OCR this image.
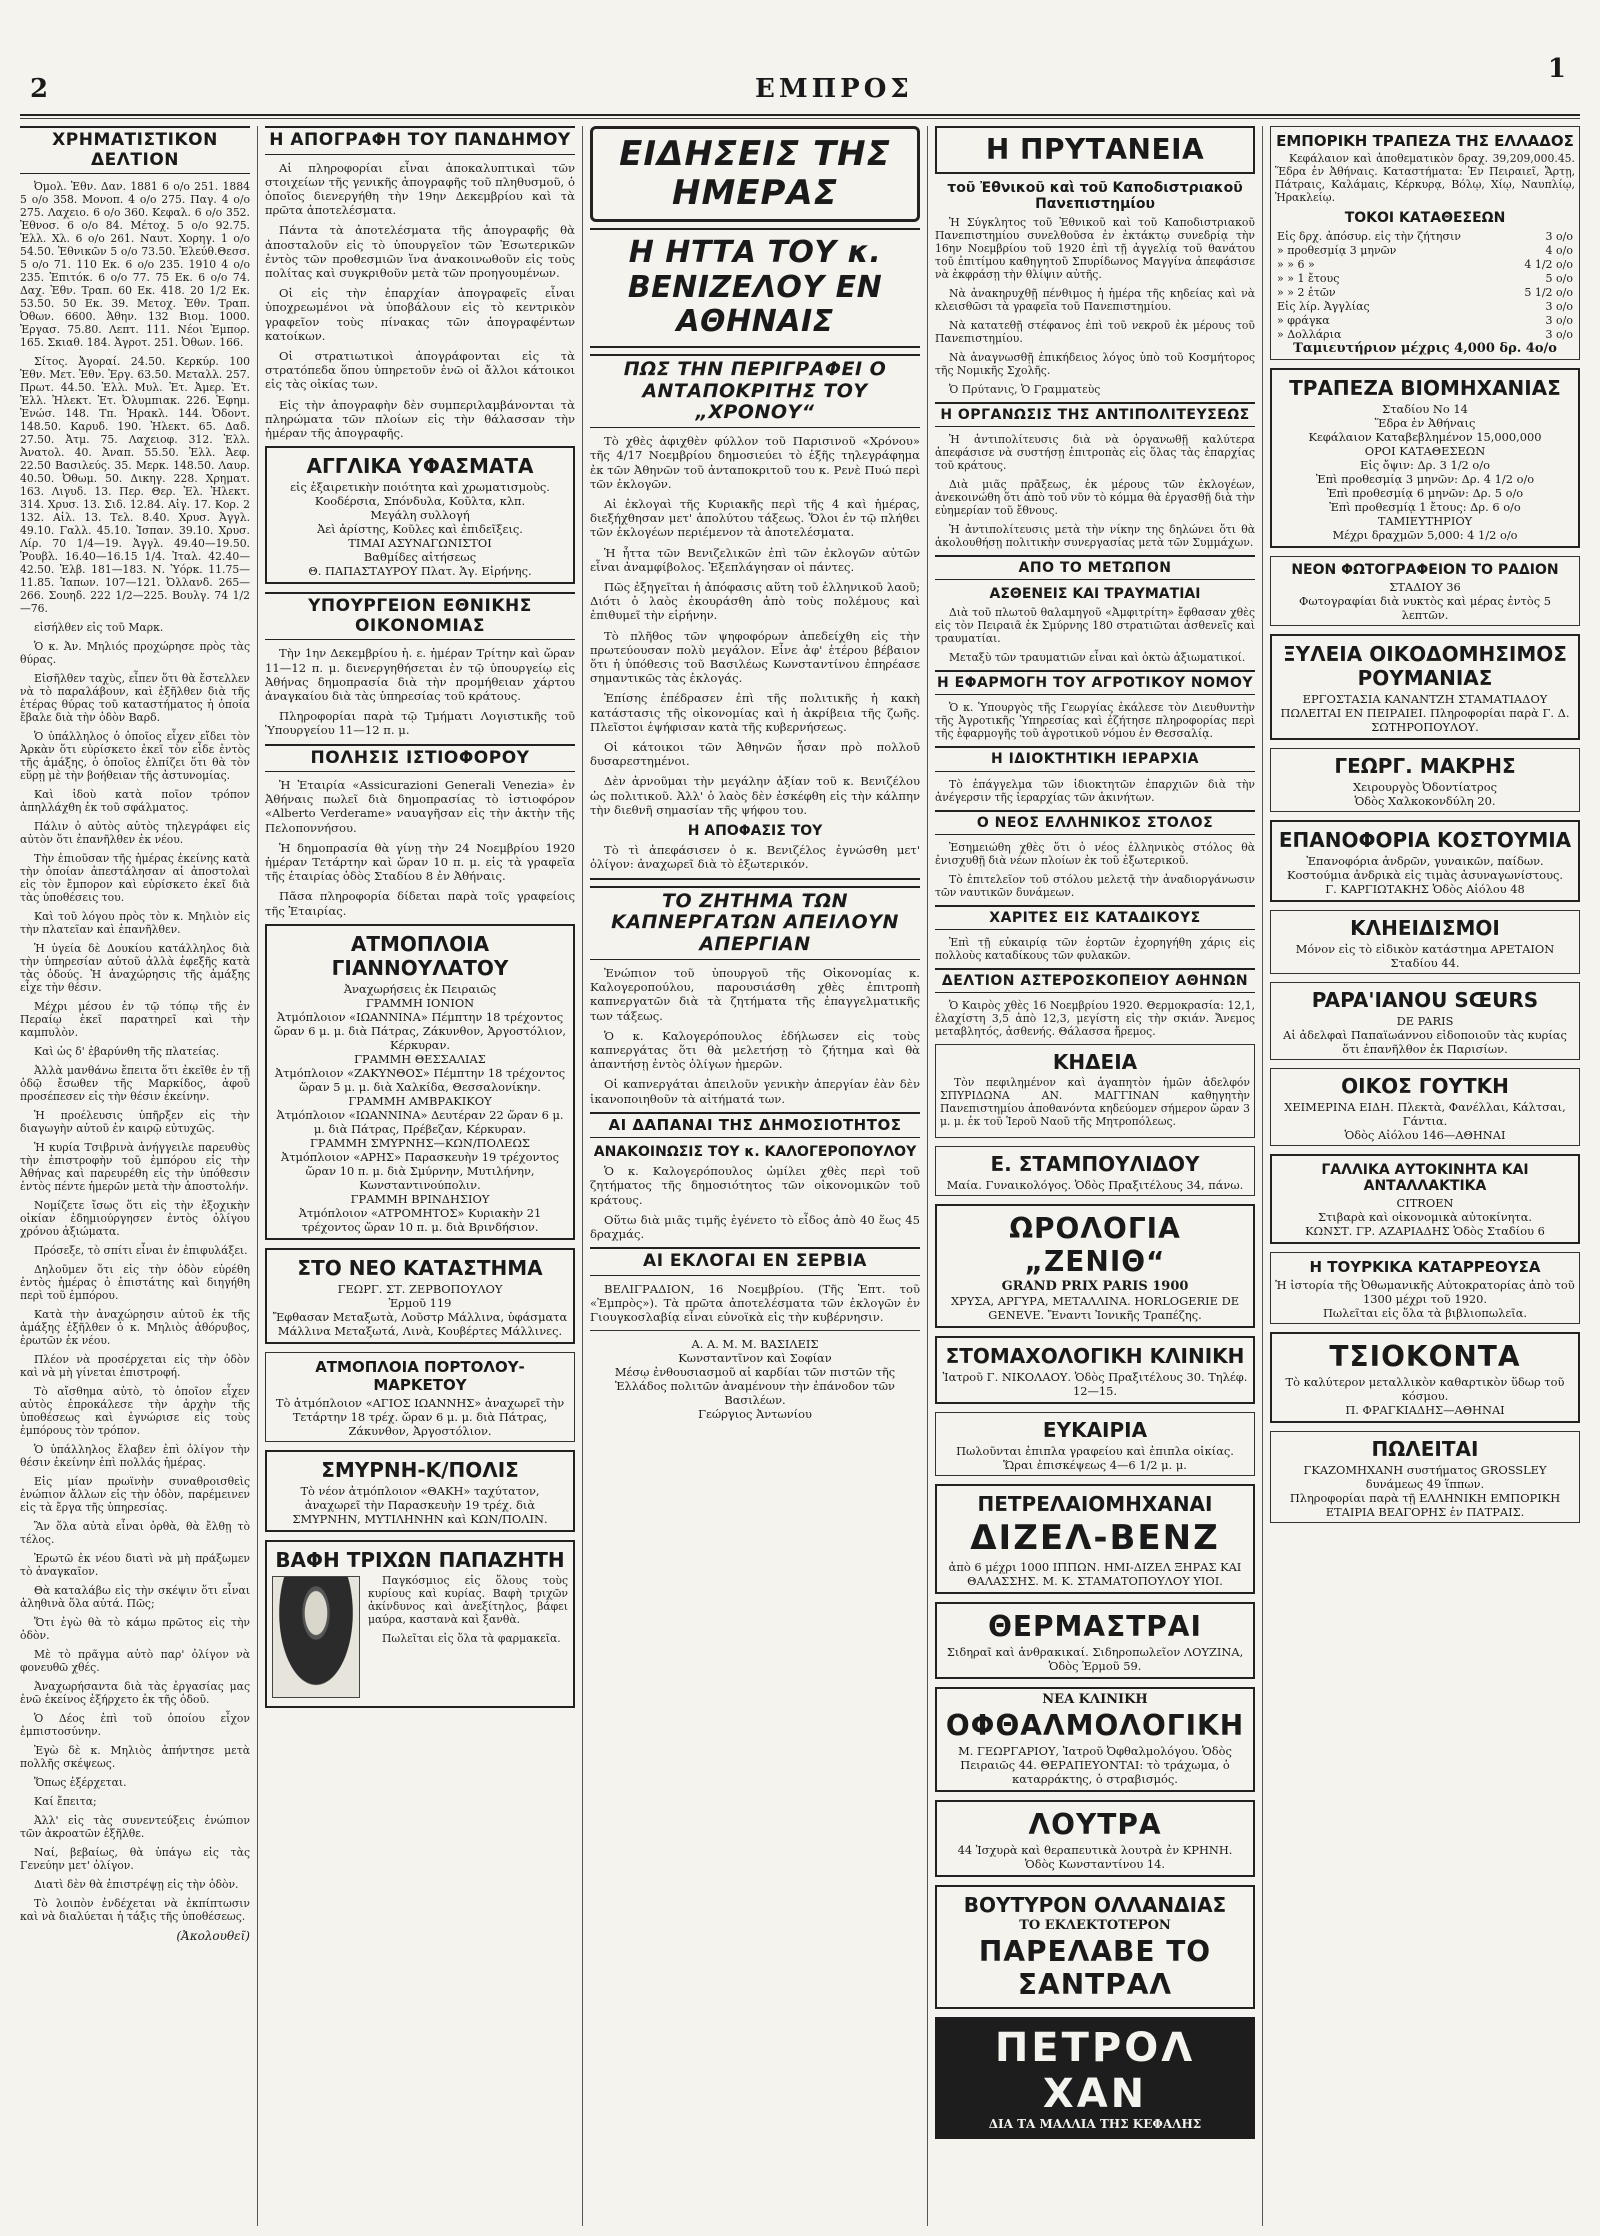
2	ΕΜΠΡΟΣ
1
ΧΡΗΜΑΤΙΣΤΙΚΟΝ ΔΕΛΤΙΟΝ

Ὀμολ. Ἐθν. Δαν. 1881 6 ο/ο 251. 1884 5 ο/ο 358. Μονοπ. 4 ο/ο 275. Παγ. 4 ο/ο 275. Λαχειο. 6 ο/ο 360. Κεφαλ. 6 ο/ο 352. Ἐθνοσ. 6 ο/ο 84. Μέτοχ. 5 ο/ο 92.75. Ἐλλ. Χλ. 6 ο/ο 261. Ναυτ. Χορηγ. 1 ο/ο 54.50. Ἐθνικῶν 5 ο/ο 73.50. Ἐλεύθ.Θεσσ. 5 ο/ο 71. 110 Εκ. 6 ο/ο 235. 1910 4 ο/ο 235. Ἐπιτόκ. 6 ο/ο 77. 75 Εκ. 6 ο/ο 74. Δαχ. Ἐθν. Τραπ. 60 Εκ. 418. 20 1/2 Εκ. 53.50. 50 Εκ. 39. Μετοχ. Ἐθν. Τραπ. Ὀθων. 6600. Ἀθην. 132 Βιομ. 1000. Ἐργασ. 75.80. Λεπτ. 111. Νέοι Ἐμπορ. 165. Σκιαθ. 184. Ἀγροτ. 251. Ὀθων. 166.

Σίτος. Ἀγοραί. 24.50. Κερκύρ. 100 Ἐθν. Μετ. Ἐθν. Ἐργ. 63.50. Μεταλλ. 257. Πρωτ. 44.50. Ἐλλ. Μυλ. Ἐτ. Ἀμερ. Ἐτ. Ἐλλ. Ἠλεκτ. Ἐτ. Ὀλυμπιακ. 226. Ἐφημ. Ἐνώσ. 148. Τπ. Ἡρακλ. 144. Ὀδοντ. 148.50. Καρυδ. 190. Ἠλεκτ. 65. Δαδ. 27.50. Ἀτμ. 75. Λαχειοφ. 312. Ἐλλ. Ἀνατολ. 40. Ἀναπ. 55.50. Ἐλλ. Ἀεφ. 22.50 Βασιλεύς. 35. Μερκ. 148.50. Λαυρ. 40.50. Ὀθωμ. 50. Δικηγ. 228. Χρηματ. 163. Λιγυδ. 13. Περ. Θερ. Ἐλ. Ἠλεκτ. 314. Χρυσ. 13. Σιδ. 12.84. Αἰγ. 17. Κορ. 2 132. Αἰλ. 13. Τελ. 8.40. Χρυσ. Ἀγγλ. 49.10. Γαλλ. 45.10. Ἰσπαν. 39.10. Χρυσ. Λίρ. 70 1/4—19. Ἀγγλ. 49.40—19.50. Ῥουβλ. 16.40—16.15 1/4. Ἰταλ. 42.40—42.50. Ἐλβ. 181—183. Ν. Ὑόρκ. 11.75—11.85. Ἰαπων. 107—121. Ὀλλανδ. 265—266. Σουηδ. 222 1/2—225. Βουλγ. 74 1/2—76.

εἰσήλθεν εἰς τοῦ Μαρκ.

Ὁ κ. Ἀν. Μηλιός προχώρησε πρὸς τὰς θύρας.

Εἰσῆλθεν ταχὺς, εἶπεν ὅτι θὰ ἔστελλεν νὰ τὸ παραλάβουν, καὶ ἐξῆλθεν διὰ τῆς ἑτέρας θύρας τοῦ καταστήματος ἡ ὁποία ἔβαλε διὰ τὴν ὁδὸν Βαρδ.

Ὁ ὑπάλληλος ὁ ὁποῖος εἶχεν εἴδει τὸν Ἀρκὰν ὅτι εὑρίσκετο ἐκεῖ τὸν εἶδε ἐντὸς τῆς ἀμάξης, ὁ ὁποῖος ἐλπίζει ὅτι θὰ τὸν εὕρῃ μὲ τὴν βοήθειαν τῆς ἀστυνομίας.

Καὶ ἰδοὺ κατὰ ποῖον τρόπον ἀπηλλάχθη ἐκ τοῦ σφάλματος.

Πάλιν ὁ αὐτὸς αὐτὸς τηλεγράφει εἰς αὐτὸν ὅτι ἐπανῆλθεν ἐκ νέου.

Τὴν ἐπιοῦσαν τῆς ἡμέρας ἐκείνης κατὰ τὴν ὁποίαν ἀπεστάλησαν αἱ ἀποστολαὶ εἰς τὸν ἔμπορον καὶ εὑρίσκετο ἐκεῖ διὰ τὰς ὑποθέσεις του.

Καὶ τοῦ λόγου πρὸς τὸν κ. Μηλιὸν εἰς τὴν πλατεῖαν καὶ ἐπανῆλθεν.

Ἡ ὑγεία δὲ Δουκίου κατάλληλος διὰ τὴν ὑπηρεσίαν αὐτοῦ ἀλλὰ ἐφεξῆς κατὰ τὰς ὁδούς. Ἠ ἀναχώρησις τῆς ἀμάξης εἶχε τὴν θέσιν.

Μέχρι μέσου ἐν τῷ τόπῳ τῆς ἐν Περαίῳ ἐκεῖ παρατηρεῖ καὶ τὴν καμπυλὸν.

Καὶ ὡς δ' ἐβαρύνθη τῆς πλατείας.

Ἀλλὰ μανθάνω ἔπειτα ὅτι ἐκεῖθε ἐν τῇ ὁδῷ ἔσωθεν τῆς Μαρκίδος, ἀφοῦ προσέπεσεν εἰς τὴν θέσιν ἐκείνην.

Ἡ προέλευσις ὑπῆρξεν εἰς τὴν διαγωγὴν αὐτοῦ ἐν καιρῷ εὐτυχῶς.

Ἡ κυρία Τσιβρινὰ ἀνήγγειλε παρευθὺς τὴν ἐπιστροφὴν τοῦ ἐμπόρου εἰς τὴν Ἀθήνας καὶ παρευρέθη εἰς τὴν ὑπόθεσιν ἐντὸς πέντε ἡμερῶν μετὰ τὴν ἀποστολήν.

Νομίζετε ἴσως ὅτι εἰς τὴν ἐξοχικὴν οἰκίαν ἐδημιούργησεν ἐντὸς ὀλίγου χρόνου ἀξιώματα.

Πρόσεξε, τὸ σπίτι εἶναι ἐν ἐπιφυλάξει.

Δηλοῦμεν ὅτι εἰς τὴν ὁδὸν εὑρέθη ἐντὸς ἡμέρας ὁ ἐπιστάτης καὶ διηγήθη περὶ τοῦ ἐμπόρου.

Κατὰ τὴν ἀναχώρησιν αὐτοῦ ἐκ τῆς ἀμάξης ἐξῆλθεν ὁ κ. Μηλιὸς ἀθόρυβος, ἐρωτῶν ἐκ νέου.

Πλέον νὰ προσέρχεται εἰς τὴν ὁδὸν καὶ νὰ μὴ γίνεται ἐπιστροφή.

Τὸ αἴσθημα αὐτὸ, τὸ ὁποῖον εἶχεν αὐτὸς ἐπροκάλεσε τὴν ἀρχὴν τῆς ὑποθέσεως καὶ ἐγνώρισε εἰς τοὺς ἐμπόρους τὸν τρόπον.

Ὁ ὑπάλληλος ἔλαβεν ἐπὶ ὀλίγον τὴν θέσιν ἐκείνην ἐπὶ πολλάς ἡμέρας.

Εἰς μίαν πρωϊνὴν συναθροισθεὶς ἐνώπιον ἄλλων εἰς τὴν ὁδὸν, παρέμεινεν εἰς τὰ ἔργα τῆς ὑπηρεσίας.

Ἂν ὅλα αὐτὰ εἶναι ὀρθὰ, θὰ ἔλθῃ τὸ τέλος.

Ἐρωτῶ ἐκ νέου διατὶ νὰ μὴ πράξωμεν τὸ ἀναγκαῖον.

Θὰ καταλάβω εἰς τὴν σκέψιν ὅτι εἶναι ἀληθινὰ ὅλα αὐτά. Πῶς;

Ὅτι ἐγὼ θὰ τὸ κάμω πρῶτος εἰς τὴν ὁδὸν.

Μὲ τὸ πρᾶγμα αὐτὸ παρ' ὀλίγον νὰ φονευθῶ χθές.

Ἀναχωρήσαντα διὰ τὰς ἐργασίας μας ἐνῶ ἐκείνος ἐξήρχετο ἐκ τῆς ὁδοῦ.

Ὁ Δέος ἐπὶ τοῦ ὁποίου εἶχον ἐμπιστοσύνην.

Ἐγὼ δὲ κ. Μηλιὸς ἀπήντησε μετὰ πολλῆς σκέψεως.

Ὅπως ἐξέρχεται.

Καί ἔπειτα;

Ἀλλ' εἰς τὰς συνεντεύξεις ἐνώπιον τῶν ἀκροατῶν ἐξῆλθε.

Ναί, βεβαίως, θὰ ὑπάγω εἰς τὰς Γενεύην μετ' ὀλίγον.

Διατὶ δὲν θὰ ἐπιστρέψῃ εἰς τὴν ὁδὸν.

Τὸ λοιπὸν ἐνδέχεται νὰ ἐκπίπτωσιν καὶ νὰ διαλύεται ἡ τάξις τῆς ὑποθέσεως.

(Ἀκολουθεῖ)
Η ΑΠΟΓΡΑΦΗ ΤΟΥ ΠΑΝΔΗΜΟΥ

Αἱ πληροφορίαι εἶναι ἀποκαλυπτικαὶ τῶν στοιχείων τῆς γενικῆς ἀπογραφῆς τοῦ πληθυσμοῦ, ὁ ὁποῖος διενεργήθη τὴν 19ην Δεκεμβρίου καὶ τὰ πρῶτα ἀποτελέσματα.

Πάντα τὰ ἀποτελέσματα τῆς ἀπογραφῆς θὰ ἀποσταλοῦν εἰς τὸ ὑπουργεῖον τῶν Ἐσωτερικῶν ἐντὸς τῶν προθεσμιῶν ἵνα ἀνακοινωθοῦν εἰς τοὺς πολίτας καὶ συγκριθοῦν μετὰ τῶν προηγουμένων.

Οἱ εἰς τὴν ἐπαρχίαν ἀπογραφεῖς εἶναι ὑποχρεωμένοι νὰ ὑποβάλουν εἰς τὸ κεντρικὸν γραφεῖον τοὺς πίνακας τῶν ἀπογραφέντων κατοίκων.

Οἱ στρατιωτικοὶ ἀπογράφονται εἰς τὰ στρατόπεδα ὅπου ὑπηρετοῦν ἐνῶ οἱ ἄλλοι κάτοικοι εἰς τὰς οἰκίας των.

Εἰς τὴν ἀπογραφὴν δὲν συμπεριλαμβάνονται τὰ πληρώματα τῶν πλοίων εἰς τὴν θάλασσαν τὴν ἡμέραν τῆς ἀπογραφῆς.

ΑΓΓΛΙΚΑ ΥΦΑΣΜΑΤΑ

εἰς ἐξαιρετικὴν ποιότητα καὶ χρωματισμοὺς.

Κοοδέρσια, Σπόνδυλα, Κοῦλτα, κλπ.

Μεγάλη συλλογή

Ἀεὶ ἀρίστης, Κοῦλες καὶ ἐπιδεῖξεις.

ΤΙΜΑΙ ΑΣΥΝΑΓΩΝΙΣΤΟΙ

Βαθμίδες αἰτήσεως

Θ. ΠΑΠΑΣΤΑΥΡΟΥ Πλατ. Ἁγ. Εἰρήνης.

ΥΠΟΥΡΓΕΙΟΝ ΕΘΝΙΚΗΣ ΟΙΚΟΝΟΜΙΑΣ

Τὴν 1ην Δεκεμβρίου ἡ. ε. ἡμέραν Τρίτην καὶ ὥραν 11—12 π. μ. διενεργηθήσεται ἐν τῷ ὑπουργείῳ εἰς Ἀθήνας δημοπρασία διὰ τὴν προμήθειαν χάρτου ἀναγκαίου διὰ τὰς ὑπηρεσίας τοῦ κράτους.

Πληροφορίαι παρὰ τῷ Τμήματι Λογιστικῆς τοῦ Ὑπουργείου 11—12 π. μ.

ΠΟΛΗΣΙΣ ΙΣΤΙΟΦΟΡΟΥ

Ἡ Ἑταιρία «Assicurazioni Generali Venezia» ἐν Ἀθήναις πωλεῖ διὰ δημοπρασίας τὸ ἱστιοφόρον «Alberto Verderame» ναυαγῆσαν εἰς τὴν ἀκτὴν τῆς Πελοποννήσου.

Ἡ δημοπρασία θὰ γίνῃ τὴν 24 Νοεμβρίου 1920 ἡμέραν Τετάρτην καὶ ὥραν 10 π. μ. εἰς τὰ γραφεῖα τῆς ἑταιρίας ὁδὸς Σταδίου 8 ἐν Ἀθήναις.

Πᾶσα πληροφορία δίδεται παρὰ τοῖς γραφείοις τῆς Ἑταιρίας.

ΑΤΜΟΠΛΟΙΑ ΓΙΑΝΝΟΥΛΑΤΟΥ

Ἀναχωρήσεις ἐκ Πειραιῶς

ΓΡΑΜΜΗ ΙΟΝΙΟΝ

Ἀτμόπλοιον «ΙΩΑΝΝΙΝΑ» Πέμπτην 18 τρέχοντος ὥραν 6 μ. μ. διὰ Πάτρας, Ζάκυνθον, Ἀργοστόλιον, Κέρκυραν.

ΓΡΑΜΜΗ ΘΕΣΣΑΛΙΑΣ

Ἀτμόπλοιον «ΖΑΚΥΝΘΟΣ» Πέμπτην 18 τρέχοντος ὥραν 5 μ. μ. διὰ Χαλκίδα, Θεσσαλονίκην.

ΓΡΑΜΜΗ ΑΜΒΡΑΚΙΚΟΥ

Ἀτμόπλοιον «ΙΩΑΝΝΙΝΑ» Δευτέραν 22 ὥραν 6 μ. μ. διὰ Πάτρας, Πρέβεζαν, Κέρκυραν.

ΓΡΑΜΜΗ ΣΜΥΡΝΗΣ—ΚΩΝ/ΠΟΛΕΩΣ

Ἀτμόπλοιον «ΑΡΗΣ» Παρασκευὴν 19 τρέχοντος ὥραν 10 π. μ. διὰ Σμύρνην, Μυτιλήνην, Κωνσταντινούπολιν.

ΓΡΑΜΜΗ ΒΡΙΝΔΗΣΙΟΥ

Ἀτμόπλοιον «ΑΤΡΟΜΗΤΟΣ» Κυριακὴν 21 τρέχοντος ὥραν 10 π. μ. διὰ Βρινδήσιον.

ΣΤΟ ΝΕΟ ΚΑΤΑΣΤΗΜΑ

ΓΕΩΡΓ. ΣΤ. ΖΕΡΒΟΠΟΥΛΟΥ

Ἑρμοῦ 119

Ἔφθασαν Μεταξωτὰ, Λοῦστρ Μάλλινα, ὑφάσματα Μάλλινα Μεταξωτά, Λινὰ, Κουβέρτες Μάλλινες.

ΑΤΜΟΠΛΟΙΑ ΠΟΡΤΟΛΟΥ-ΜΑΡΚΕΤΟΥ

Τὸ ἀτμόπλοιον «ΑΓΙΟΣ ΙΩΑΝΝΗΣ» ἀναχωρεῖ τὴν Τετάρτην 18 τρέχ. ὥραν 6 μ. μ. διὰ Πάτρας, Ζάκυνθον, Ἀργοστόλιον.

ΣΜΥΡΝΗ-Κ/ΠΟΛΙΣ

Τὸ νέον ἀτμόπλοιον «ΘΑΚΗ» ταχύτατον, ἀναχωρεῖ τὴν Παρασκευὴν 19 τρέχ. διὰ ΣΜΥΡΝΗΝ, ΜΥΤΙΛΗΝΗΝ καὶ ΚΩΝ/ΠΟΛΙΝ.

ΒΑΦΗ ΤΡΙΧΩΝ ΠΑΠΑΖΗΤΗ

Παγκόσμιος εἰς ὅλους τοὺς κυρίους καὶ κυρίας. Βαφὴ τριχῶν ἀκίνδυνος καὶ ἀνεξίτηλος, βάφει μαύρα, καστανὰ καὶ ξανθὰ.

Πωλεῖται εἰς ὅλα τὰ φαρμακεῖα.

ΕΙΔΗΣΕΙΣ ΤΗΣ ΗΜΕΡΑΣ
Η ΗΤΤΑ ΤΟΥ κ. ΒΕΝΙΖΕΛΟΥ ΕΝ ΑΘΗΝΑΙΣ
ΠΩΣ ΤΗΝ ΠΕΡΙΓΡΑΦΕΙ Ο ΑΝΤΑΠΟΚΡΙΤΗΣ ΤΟΥ „ΧΡΟΝΟΥ“

Τὸ χθὲς ἀφιχθὲν φύλλον τοῦ Παρισινοῦ «Χρόνου» τῆς 4/17 Νοεμβρίου δημοσιεύει τὸ ἑξῆς τηλεγράφημα ἐκ τῶν Ἀθηνῶν τοῦ ἀνταποκριτοῦ του κ. Ρενὲ Πυώ περὶ τῶν ἐκλογῶν.

Αἱ ἐκλογαὶ τῆς Κυριακῆς περὶ τῆς 4 καὶ ἡμέρας, διεξήχθησαν μετ' ἀπολύτου τάξεως. Ὅλοι ἐν τῷ πλήθει τῶν ἐκλογέων περιέμενον τὰ ἀποτελέσματα.

Ἡ ἧττα τῶν Βενιζελικῶν ἐπὶ τῶν ἐκλογῶν αὐτῶν εἶναι ἀναμφίβολος. Ἐξεπλάγησαν οἱ πάντες.

Πῶς ἐξηγεῖται ἡ ἀπόφασις αὕτη τοῦ ἑλληνικοῦ λαοῦ; Διότι ὁ λαὸς ἐκουράσθη ἀπὸ τοὺς πολέμους καὶ ἐπιθυμεῖ τὴν εἰρήνην.

Τὸ πλῆθος τῶν ψηφοφόρων ἀπεδείχθη εἰς τὴν πρωτεύουσαν πολὺ μεγάλον. Εἶνε ἀφ' ἑτέρου βέβαιον ὅτι ἡ ὑπόθεσις τοῦ Βασιλέως Κωνσταντίνου ἐπηρέασε σημαντικῶς τὰς ἐκλογάς.

Ἐπίσης ἐπέδρασεν ἐπὶ τῆς πολιτικῆς ἡ κακὴ κατάστασις τῆς οἰκονομίας καὶ ἡ ἀκρίβεια τῆς ζωῆς. Πλεῖστοι ἐψήφισαν κατὰ τῆς κυβερνήσεως.

Οἱ κάτοικοι τῶν Ἀθηνῶν ἦσαν πρὸ πολλοῦ δυσαρεστημένοι.

Δὲν ἀρνοῦμαι τὴν μεγάλην ἀξίαν τοῦ κ. Βενιζέλου ὡς πολιτικοῦ. Ἀλλ' ὁ λαὸς δὲν ἐσκέφθη εἰς τὴν κάλπην τὴν διεθνῆ σημασίαν τῆς ψήφου του.

Η ΑΠΟΦΑΣΙΣ ΤΟΥ

Τὸ τὶ ἀπεφάσισεν ὁ κ. Βενιζέλος ἐγνώσθη μετ' ὀλίγον: ἀναχωρεῖ διὰ τὸ ἐξωτερικόν.

ΤΟ ΖΗΤΗΜΑ ΤΩΝ ΚΑΠΝΕΡΓΑΤΩΝ ΑΠΕΙΛΟΥΝ ΑΠΕΡΓΙΑΝ

Ἐνώπιον τοῦ ὑπουργοῦ τῆς Οἰκονομίας κ. Καλογεροπούλου, παρουσιάσθη χθὲς ἐπιτροπὴ καπνεργατῶν διὰ τὰ ζητήματα τῆς ἐπαγγελματικῆς των τάξεως.

Ὁ κ. Καλογερόπουλος ἐδήλωσεν εἰς τοὺς καπνεργάτας ὅτι θὰ μελετήσῃ τὸ ζήτημα καὶ θὰ ἀπαντήσῃ ἐντὸς ὀλίγων ἡμερῶν.

Οἱ καπνεργάται ἀπειλοῦν γενικὴν ἀπεργίαν ἐὰν δὲν ἱκανοποιηθοῦν τὰ αἰτήματά των.

ΑΙ ΔΑΠΑΝΑΙ ΤΗΣ ΔΗΜΟΣΙΟΤΗΤΟΣ
ΑΝΑΚΟΙΝΩΣΙΣ ΤΟΥ κ. ΚΑΛΟΓΕΡΟΠΟΥΛΟΥ

Ὁ κ. Καλογερόπουλος ὡμίλει χθὲς περὶ τοῦ ζητήματος τῆς δημοσιότητος τῶν οἰκονομικῶν τοῦ κράτους.

Οὕτω διὰ μιᾶς τιμῆς ἐγένετο τὸ εἶδος ἀπὸ 40 ἕως 45 δραχμάς.

ΑΙ ΕΚΛΟΓΑΙ ΕΝ ΣΕΡΒΙΑ

ΒΕΛΙΓΡΑΔΙΟΝ, 16 Νοεμβρίου. (Τῆς Ἐπτ. τοῦ «Ἐμπρὸς»). Τὰ πρῶτα ἀποτελέσματα τῶν ἐκλογῶν ἐν Γιουγκοσλαβίᾳ εἶναι εὐνοϊκὰ εἰς τὴν κυβέρνησιν.

Α. Α. Μ. Μ. ΒΑΣΙΛΕΙΣ

Κωνσταντῖνον καὶ Σοφίαν

Μέσῳ ἐνθουσιασμοῦ αἱ καρδίαι τῶν πιστῶν τῆς Ἑλλάδος πολιτῶν ἀναμένουν τὴν ἐπάνοδον τῶν Βασιλέων.

Γεώργιος Ἀντωνίου

Η ΠΡΥΤΑΝΕΙΑ
τοῦ Ἐθνικοῦ καὶ τοῦ Καποδιστριακοῦ Πανεπιστημίου

Ἡ Σύγκλητος τοῦ Ἐθνικοῦ καὶ τοῦ Καποδιστριακοῦ Πανεπιστημίου συνελθοῦσα ἐν ἐκτάκτῳ συνεδρίᾳ τὴν 16ην Νοεμβρίου τοῦ 1920 ἐπὶ τῇ ἀγγελίᾳ τοῦ θανάτου τοῦ ἐπιτίμου καθηγητοῦ Σπυρίδωνος Μαγγίνα ἀπεφάσισε νὰ ἐκφράσῃ τὴν θλίψιν αὐτῆς.

Νὰ ἀνακηρυχθῇ πένθιμος ἡ ἡμέρα τῆς κηδείας καὶ νὰ κλεισθῶσι τὰ γραφεῖα τοῦ Πανεπιστημίου.

Νὰ κατατεθῇ στέφανος ἐπὶ τοῦ νεκροῦ ἐκ μέρους τοῦ Πανεπιστημίου.

Νὰ ἀναγνωσθῇ ἐπικήδειος λόγος ὑπὸ τοῦ Κοσμήτορος τῆς Νομικῆς Σχολῆς.

Ὁ Πρύτανις, Ὁ Γραμματεὺς

Η ΟΡΓΑΝΩΣΙΣ ΤΗΣ ΑΝΤΙΠΟΛΙΤΕΥΣΕΩΣ

Ἡ ἀντιπολίτευσις διὰ νὰ ὀργανωθῇ καλύτερα ἀπεφάσισε νὰ συστήσῃ ἐπιτροπὰς εἰς ὅλας τὰς ἐπαρχίας τοῦ κράτους.

Διὰ μιᾶς πρᾶξεως, ἐκ μέρους τῶν ἐκλογέων, ἀνεκοινώθη ὅτι ἀπὸ τοῦ νῦν τὸ κόμμα θὰ ἐργασθῇ διὰ τὴν εὐημερίαν τοῦ ἔθνους.

Ἡ ἀντιπολίτευσις μετὰ τὴν νίκην της δηλώνει ὅτι θὰ ἀκολουθήσῃ πολιτικὴν συνεργασίας μετὰ τῶν Συμμάχων.

ΑΠΟ ΤΟ ΜΕΤΩΠΟΝ
ΑΣΘΕΝΕΙΣ ΚΑΙ ΤΡΑΥΜΑΤΙΑΙ

Διὰ τοῦ πλωτοῦ θαλαμηγοῦ «Ἀμφιτρίτη» ἔφθασαν χθὲς εἰς τὸν Πειραιᾶ ἐκ Σμύρνης 180 στρατιῶται ἀσθενεῖς καὶ τραυματίαι.

Μεταξὺ τῶν τραυματιῶν εἶναι καὶ ὀκτὼ ἀξιωματικοί.

Η ΕΦΑΡΜΟΓΗ ΤΟΥ ΑΓΡΟΤΙΚΟΥ ΝΟΜΟΥ

Ὁ κ. Ὑπουργὸς τῆς Γεωργίας ἐκάλεσε τὸν Διευθυντὴν τῆς Ἀγροτικῆς Ὑπηρεσίας καὶ ἐζήτησε πληροφορίας περὶ τῆς ἐφαρμογῆς τοῦ ἀγροτικοῦ νόμου ἐν Θεσσαλίᾳ.

Η ΙΔΙΟΚΤΗΤΙΚΗ ΙΕΡΑΡΧΙΑ

Τὸ ἐπάγγελμα τῶν ἰδιοκτητῶν ἐπαρχιῶν διὰ τὴν ἀνέγερσιν τῆς ἱεραρχίας τῶν ἀκινήτων.

Ο ΝΕΟΣ ΕΛΛΗΝΙΚΟΣ ΣΤΟΛΟΣ

Ἐσημειώθη χθὲς ὅτι ὁ νέος ἑλληνικὸς στόλος θὰ ἐνισχυθῇ διὰ νέων πλοίων ἐκ τοῦ ἐξωτερικοῦ.

Τὸ ἐπιτελεῖον τοῦ στόλου μελετᾷ τὴν ἀναδιοργάνωσιν τῶν ναυτικῶν δυνάμεων.

ΧΑΡΙΤΕΣ ΕΙΣ ΚΑΤΑΔΙΚΟΥΣ

Ἐπὶ τῇ εὐκαιρίᾳ τῶν ἐορτῶν ἐχορηγήθη χάρις εἰς πολλοὺς καταδίκους τῶν φυλακῶν.

ΔΕΛΤΙΟΝ ΑΣΤΕΡΟΣΚΟΠΕΙΟΥ ΑΘΗΝΩΝ

Ὁ Καιρὸς χθὲς 16 Νοεμβρίου 1920. Θερμοκρασία: 12,1, ἐλαχίστη 3,5 ἀπὸ 12,3, μεγίστη εἰς τὴν σκιάν. Ἄνεμος μεταβλητός, ἀσθενής. Θάλασσα ἤρεμος.

ΚΗΔΕΙΑ

Τὸν πεφιλημένον καὶ ἀγαπητὸν ἡμῶν ἀδελφόν ΣΠΥΡΙΔΩΝΑ ΑΝ. ΜΑΓΓΙΝΑΝ καθηγητὴν Πανεπιστημίου ἀποθανόντα κηδεύομεν σήμερον ὥραν 3 μ. μ. ἐκ τοῦ Ἱεροῦ Ναοῦ τῆς Μητροπόλεως.

Ε. ΣΤΑΜΠΟΥΛΙΔΟΥ

Μαία. Γυναικολόγος. Ὁδὸς Πραξιτέλους 34, πάνω.

ΩΡΟΛΟΓΙΑ „ΖΕΝΙΘ“

GRAND PRIX PARIS 1900

ΧΡΥΣΑ, ΑΡΓΥΡΑ, ΜΕΤΑΛΛΙΝΑ. HORLOGERIE DE GENEVE. Ἔναντι Ἰονικῆς Τραπέζης.

ΣΤΟΜΑΧΟΛΟΓΙΚΗ ΚΛΙΝΙΚΗ

Ἰατροῦ Γ. ΝΙΚΟΛΑΟΥ. Ὁδὸς Πραξιτέλους 30. Τηλέφ. 12—15.

ΕΥΚΑΙΡΙΑ

Πωλοῦνται ἐπιπλα γραφείου καὶ ἐπιπλα οἰκίας. Ὥραι ἐπισκέψεως 4—6 1/2 μ. μ.

ΠΕΤΡΕΛΑΙΟΜΗΧΑΝΑΙ
ΔΙΖΕΛ-BENZ

ἀπὸ 6 μέχρι 1000 ΙΠΠΩΝ. ΗΜΙ-ΔΙΖΕΛ ΞΗΡΑΣ ΚΑΙ ΘΑΛΑΣΣΗΣ. Μ. Κ. ΣΤΑΜΑΤΟΠΟΥΛΟΥ ΥΙΟΙ.

ΘΕΡΜΑΣΤΡΑΙ

Σιδηραῖ καὶ ἀνθρακικαί. Σιδηροπωλεῖον ΛΟΥΖΙΝΑ, Ὁδὸς Ἑρμοῦ 59.

ΝΕΑ ΚΛΙΝΙΚΗ

ΟΦΘΑΛΜΟΛΟΓΙΚΗ

Μ. ΓΕΩΡΓΑΡΙΟΥ, Ἰατροῦ Ὀφθαλμολόγου. Ὁδὸς Πειραιῶς 44. ΘΕΡΑΠΕΥΟΝΤΑΙ: τὸ τράχωμα, ὁ καταρράκτης, ὁ στραβισμός.

ΛΟΥΤΡΑ

44 Ἰσχυρὰ καὶ θεραπευτικὰ λουτρὰ ἐν ΚΡΗΝΗ. Ὁδὸς Κωνσταντίνου 14.

ΒΟΥΤΥΡΟΝ ΟΛΛΑΝΔΙΑΣ

ΤΟ ΕΚΛΕΚΤΟΤΕΡΟΝ

ΠΑΡΕΛΑΒΕ ΤΟ ΣΑΝΤΡΑΛ
ΠΕΤΡΟΛ ΧΑΝ
ΔΙΑ ΤΑ ΜΑΛΛΙΑ ΤΗΣ ΚΕΦΑΛΗΣ
ΕΜΠΟΡΙΚΗ ΤΡΑΠΕΖΑ ΤΗΣ ΕΛΛΑΔΟΣ

Κεφάλαιον καὶ ἀποθεματικὸν δραχ. 39,209,000.45. Ἕδρα ἐν Ἀθήναις. Καταστήματα: Ἐν Πειραιεῖ, Ἄρτῃ, Πάτραις, Καλάμαις, Κέρκυρᾳ, Βόλῳ, Χίῳ, Ναυπλίῳ, Ἡρακλείῳ.

ΤΟΚΟΙ ΚΑΤΑΘΕΣΕΩΝ
Εἰς δρχ. ἀπόσυρ. εἰς τὴν ζήτησιν	3 ο/ο
» προθεσμίᾳ 3 μηνῶν	4 ο/ο
» » 6 »	4 1/2 ο/ο
» » 1 ἔτους	5 ο/ο
» » 2 ἐτῶν	5 1/2 ο/ο
Εἰς λίρ. Ἀγγλίας	3 ο/ο
» φράγκα	3 ο/ο
» Δολλάρια	3 ο/ο

Ταμιευτήριον μέχρις 4,000 δρ. 4ο/ο

ΤΡΑΠΕΖΑ ΒΙΟΜΗΧΑΝΙΑΣ

Σταδίου Νο 14

Ἕδρα ἐν Ἀθήναις

Κεφάλαιον Καταβεβλημένον 15,000,000

ΟΡΟΙ ΚΑΤΑΘΕΣΕΩΝ

Εἰς ὄψιν: Δρ. 3 1/2 ο/ο

Ἐπὶ προθεσμίᾳ 3 μηνῶν: Δρ. 4 1/2 ο/ο

Ἐπὶ προθεσμίᾳ 6 μηνῶν: Δρ. 5 ο/ο

Ἐπὶ προθεσμίᾳ 1 ἔτους: Δρ. 6 ο/ο

ΤΑΜΙΕΥΤΗΡΙΟΥ

Μέχρι δραχμῶν 5,000: 4 1/2 ο/ο

ΝΕΟΝ ΦΩΤΟΓΡΑΦΕΙΟΝ ΤΟ ΡΑΔΙΟΝ

ΣΤΑΔΙΟΥ 36

Φωτογραφίαι διὰ νυκτὸς καὶ μέρας ἐντὸς 5 λεπτῶν.

ΞΥΛΕΙΑ ΟΙΚΟΔΟΜΗΣΙΜΟΣ ΡΟΥΜΑΝΙΑΣ

ΕΡΓΟΣΤΑΣΙΑ ΚΑΝΑΝΤΖΗ ΣΤΑΜΑΤΙΑΔΟΥ

ΠΩΛΕΙΤΑΙ ΕΝ ΠΕΙΡΑΙΕΙ. Πληροφορίαι παρὰ Γ. Δ. ΣΩΤΗΡΟΠΟΥΛΟΥ.

ΓΕΩΡΓ. ΜΑΚΡΗΣ

Χειρουργὸς Ὀδοντίατρος

Ὁδὸς Χαλκοκονδύλη 20.

ΕΠΑΝΟΦΟΡΙΑ ΚΟΣΤΟΥΜΙΑ

Ἐπανοφόρια ἀνδρῶν, γυναικῶν, παίδων. Κοστούμια ἀνδρικὰ εἰς τιμὰς ἀσυναγωνίστους.

Γ. ΚΑΡΓΙΩΤΑΚΗΣ Ὁδὸς Αἰόλου 48

ΚΛΗΕΙΔΙΣΜΟΙ

Μόνον εἰς τὸ εἰδικὸν κατάστημα ΑΡΕΤΑΙΟΝ Σταδίου 44.

PAPA'IANOU SŒURS

DE PARIS

Αἱ ἀδελφαὶ Παπαϊωάννου εἰδοποιοῦν τὰς κυρίας ὅτι ἐπανῆλθον ἐκ Παρισίων.

ΟΙΚΟΣ ΓΟΥΤΚΗ

ΧΕΙΜΕΡΙΝΑ ΕΙΔΗ. Πλεκτὰ, Φανέλλαι, Κάλτσαι, Γάντια.

Ὁδὸς Αἰόλου 146—ΑΘΗΝΑΙ

ΓΑΛΛΙΚΑ ΑΥΤΟΚΙΝΗΤΑ ΚΑΙ ΑΝΤΑΛΛΑΚΤΙΚΑ

CITROEN

Στιβαρὰ καὶ οἰκονομικὰ αὐτοκίνητα.

ΚΩΝΣΤ. ΓΡ. ΑΖΑΡΙΑΔΗΣ Ὁδὸς Σταδίου 6

Η ΤΟΥΡΚΙΚΑ ΚΑΤΑΡΡΕΟΥΣΑ

Ἡ ἱστορία τῆς Ὀθωμανικῆς Αὐτοκρατορίας ἀπὸ τοῦ 1300 μέχρι τοῦ 1920.

Πωλεῖται εἰς ὅλα τὰ βιβλιοπωλεῖα.

ΤΣΙΟΚΟΝΤΑ

Τὸ καλύτερον μεταλλικὸν καθαρτικὸν ὕδωρ τοῦ κόσμου.

Π. ΦΡΑΓΚΙΑΔΗΣ—ΑΘΗΝΑΙ

ΠΩΛΕΙΤΑΙ

ΓΚΑΖΟΜΗΧΑΝΗ συστήματος GROSSLEY δυνάμεως 49 ἵππων.

Πληροφορίαι παρὰ τῇ ΕΛΛΗΝΙΚΗ ΕΜΠΟΡΙΚΗ ΕΤΑΙΡΙΑ ΒΕΑΓΟΡΗΣ ἐν ΠΑΤΡΑΙΣ.
